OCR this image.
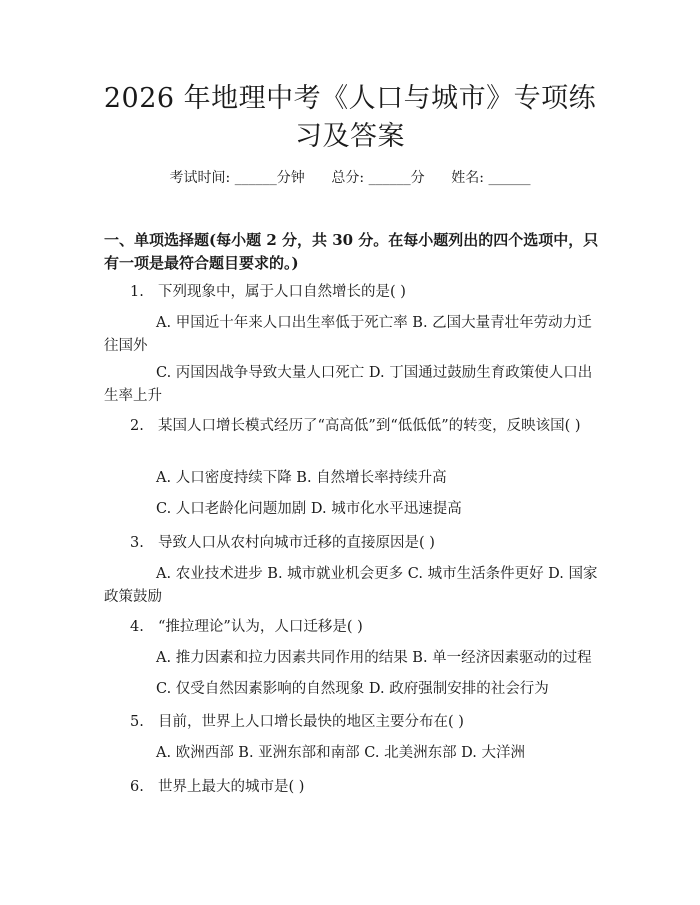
2026 年地理中考《人口与城市》专项练习及答案
考试时间: ______分钟      总分: ______分      姓名: ______
一、单项选择题(每小题 2 分，共 30 分。在每小题列出的四个选项中，只有一项是最符合题目要求的。)
1. 下列现象中，属于人口自然增长的是( )
A. 甲国近十年来人口出生率低于死亡率 B. 乙国大量青壮年劳动力迁往国外
C. 丙国因战争导致大量人口死亡 D. 丁国通过鼓励生育政策使人口出生率上升
2. 某国人口增长模式经历了“高高低”到“低低低”的转变，反映该国( )
A. 人口密度持续下降 B. 自然增长率持续升高
C. 人口老龄化问题加剧 D. 城市化水平迅速提高
3. 导致人口从农村向城市迁移的直接原因是( )
A. 农业技术进步 B. 城市就业机会更多 C. 城市生活条件更好 D. 国家政策鼓励
4. “推拉理论”认为，人口迁移是( )
A. 推力因素和拉力因素共同作用的结果 B. 单一经济因素驱动的过程
C. 仅受自然因素影响的自然现象 D. 政府强制安排的社会行为
5. 目前，世界上人口增长最快的地区主要分布在( )
A. 欧洲西部 B. 亚洲东部和南部 C. 北美洲东部 D. 大洋洲
6. 世界上最大的城市是( )
